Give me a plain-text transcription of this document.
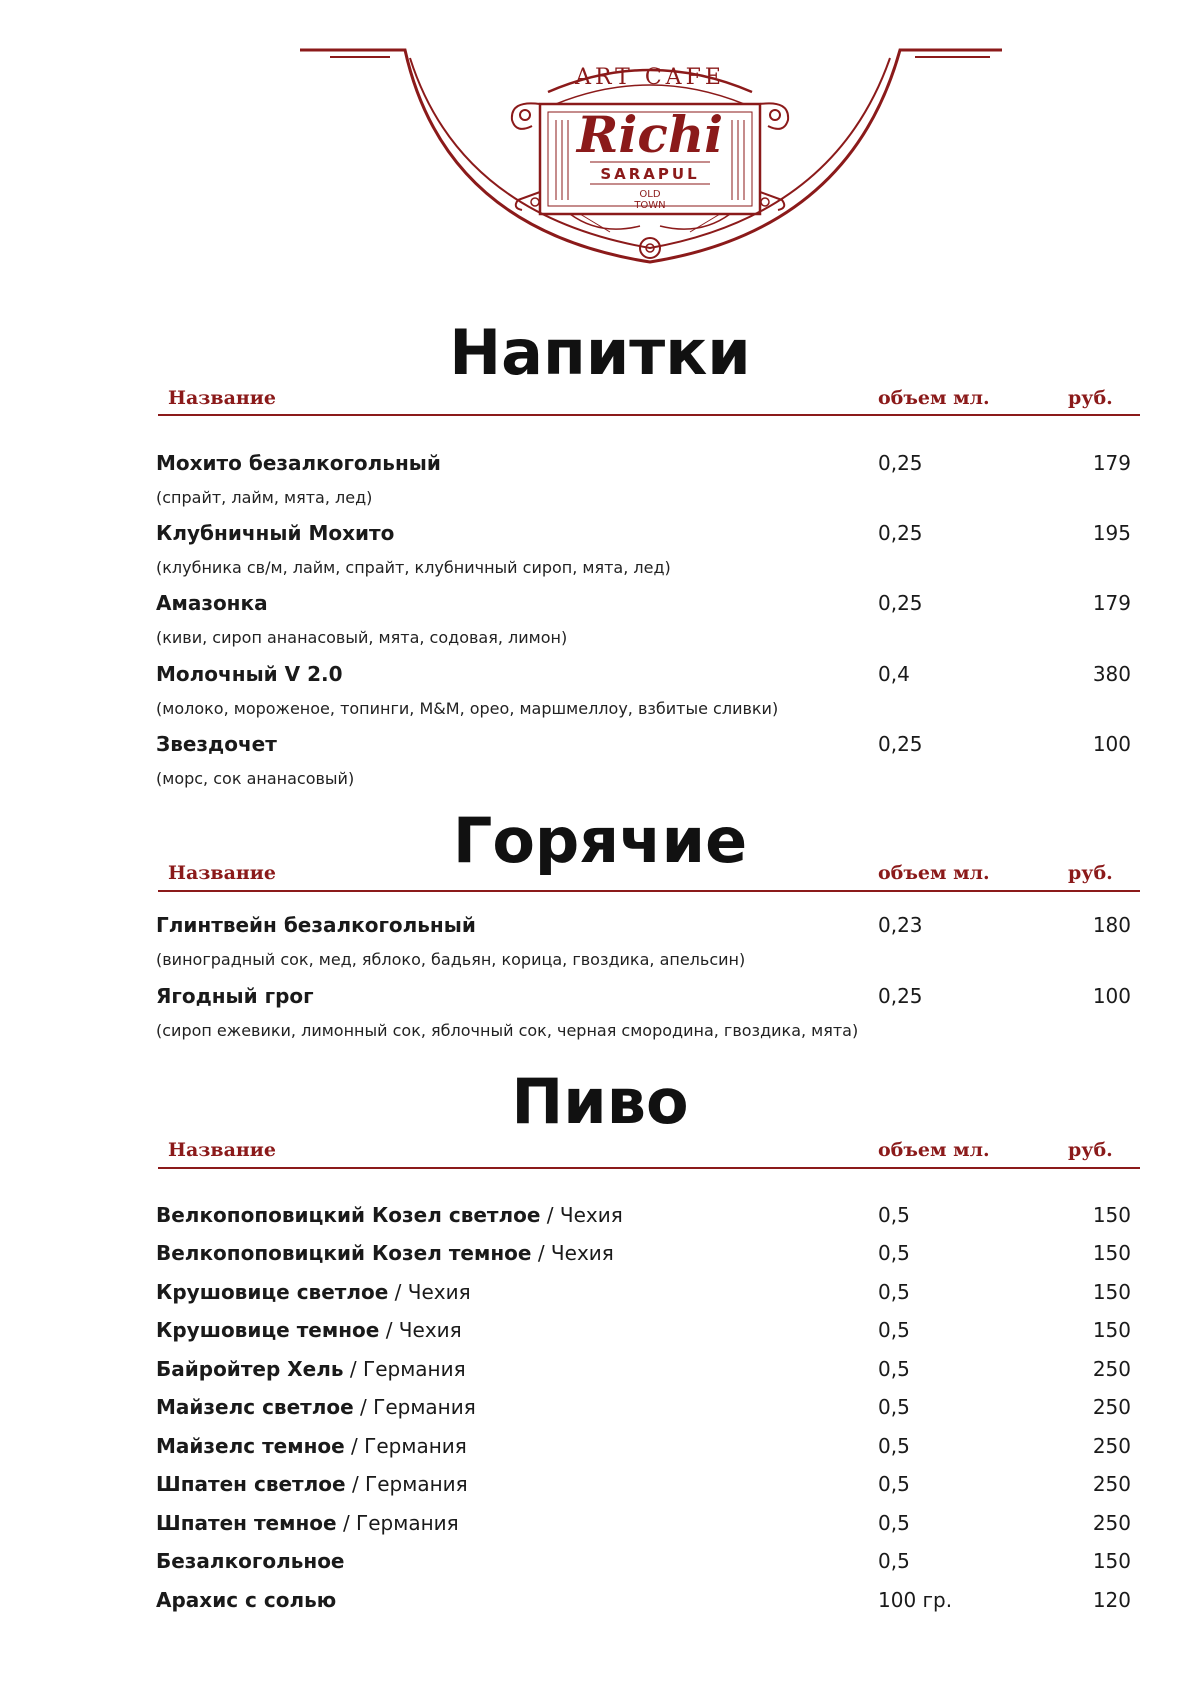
ART CAFE
Richi
SARAPUL
OLD
TOWN
Напитки
Название	объем мл.	руб.
Мохито безалкогольный	0,25	179
(спрайт, лайм, мята, лед)
Клубничный Мохито	0,25	195
(клубника св/м, лайм, спрайт, клубничный сироп, мята, лед)
Амазонка	0,25	179
(киви, сироп ананасовый, мята, содовая, лимон)
Молочный V 2.0	0,4	380
(молоко, мороженое, топинги, M&M, орео, маршмеллоу, взбитые сливки)
Звездочет	0,25	100
(морс, сок ананасовый)
Горячие
Название	объем мл.	руб.
Глинтвейн безалкогольный	0,23	180
(виноградный сок, мед, яблоко, бадьян, корица, гвоздика, апельсин)
Ягодный грог	0,25	100
(сироп ежевики, лимонный сок, яблочный сок, черная смородина, гвоздика, мята)
Пиво
Название	объем мл.	руб.
Велкопоповицкий Козел светлое / Чехия	0,5	150
Велкопоповицкий Козел темное / Чехия	0,5	150
Крушовице светлое / Чехия	0,5	150
Крушовице темное / Чехия	0,5	150
Байройтер Хель / Германия	0,5	250
Майзелс светлое / Германия	0,5	250
Майзелс темное / Германия	0,5	250
Шпатен светлое / Германия	0,5	250
Шпатен темное / Германия	0,5	250
Безалкогольное	0,5	150
Арахис с солью	100 гр.	120
